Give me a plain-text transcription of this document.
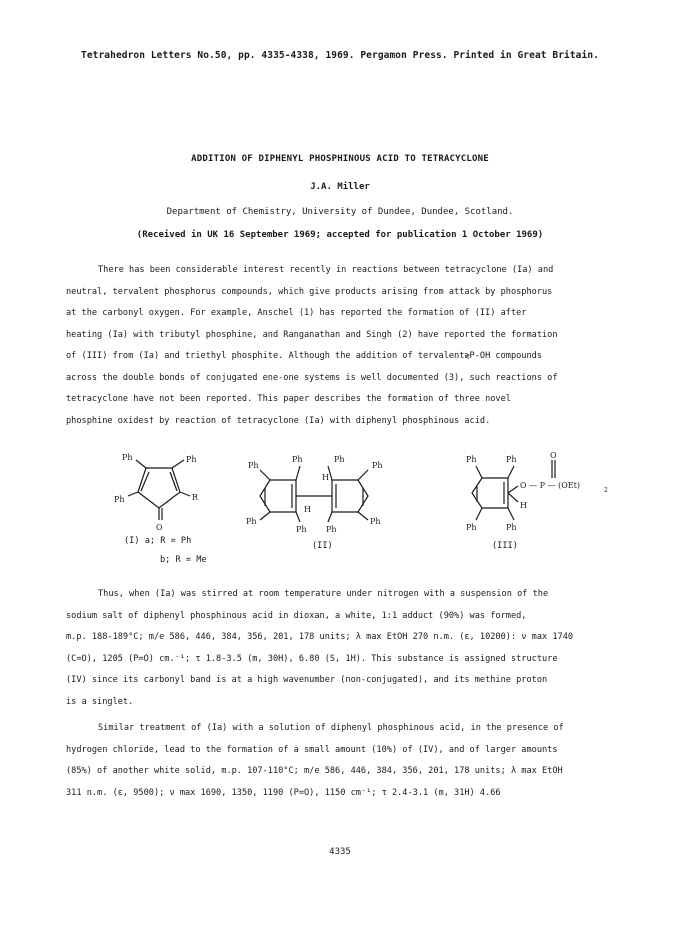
Tetrahedron Letters No.50, pp. 4335-4338, 1969. Pergamon Press. Printed in Great Britain.
ADDITION OF DIPHENYL PHOSPHINOUS ACID TO TETRACYCLONE
J.A. Miller
Department of Chemistry, University of Dundee, Dundee, Scotland.
(Received in UK 16 September 1969; accepted for publication 1 October 1969)
There has been considerable interest recently in reactions between tetracyclone (Ia) and
neutral, tervalent phosphorus compounds, which give products arising from attack by phosphorus
at the carbonyl oxygen. For example, Anschel (1) has reported the formation of (II) after
heating (Ia) with tributyl phosphine, and Ranganathan and Singh (2) have reported the formation
of (III) from (Ia) and triethyl phosphite. Although the addition of tervalent≷P-OH compounds
across the double bonds of conjugated ene-one systems is well documented (3), such reactions of
tetracyclone have not been reported. This paper describes the formation of three novel
phosphine oxides† by reaction of tetracyclone (Ia) with diphenyl phosphinous acid.
Ph	Ph
Ph	R
O
Ph
Ph	Ph
Ph
H
H
Ph
Ph Ph
Ph
Ph	Ph	O
O — P — (OEt)
2
H
Ph	Ph
(I) a; R = Ph
b; R = Me
(II)	(III)
Thus, when (Ia) was stirred at room temperature under nitrogen with a suspension of the
sodium salt of diphenyl phosphinous acid in dioxan, a white, 1:1 adduct (90%) was formed,
m.p. 188-189°C; m/e 586, 446, 384, 356, 201, 178 units; λ max EtOH 270 n.m. (ε, 10200): ν max 1740
(C=O), 1205 (P=O) cm.⁻¹; τ 1.8-3.5 (m, 30H), 6.80 (S, 1H). This substance is assigned structure
(IV) since its carbonyl band is at a high wavenumber (non-conjugated), and its methine proton
is a singlet.
Similar treatment of (Ia) with a solution of diphenyl phosphinous acid, in the presence of
hydrogen chloride, lead to the formation of a small amount (10%) of (IV), and of larger amounts
(85%) of another white solid, m.p. 107-110°C; m/e 586, 446, 384, 356, 201, 178 units; λ max EtOH
311 n.m. (ε, 9500); ν max 1690, 1350, 1190 (P=O), 1150 cm⁻¹; τ 2.4-3.1 (m, 31H) 4.66
4335
